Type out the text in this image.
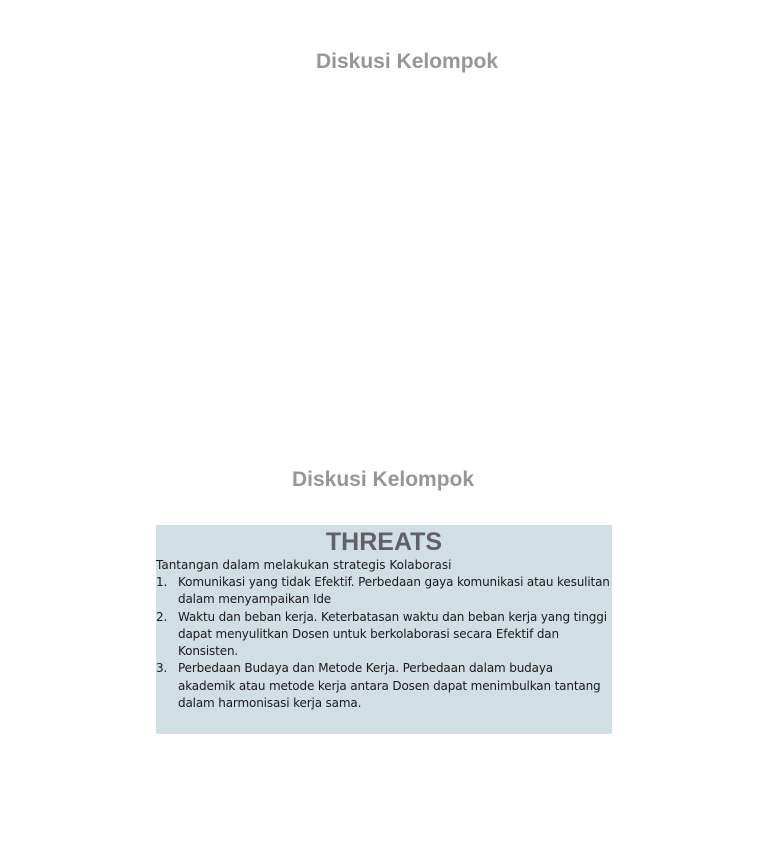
Diskusi Kelompok
Diskusi Kelompok
THREATS

Tantangan dalam melakukan strategis Kolaborasi

1. Komunikasi yang tidak Efektif. Perbedaan gaya komunikasi atau kesulitan dalam menyampaikan Ide
2. Waktu dan beban kerja. Keterbatasan waktu dan beban kerja yang tinggi dapat menyulitkan Dosen untuk berkolaborasi secara Efektif dan Konsisten.
3. Perbedaan Budaya dan Metode Kerja. Perbedaan dalam budaya akademik atau metode kerja antara Dosen dapat menimbulkan tantang dalam harmonisasi kerja sama.
